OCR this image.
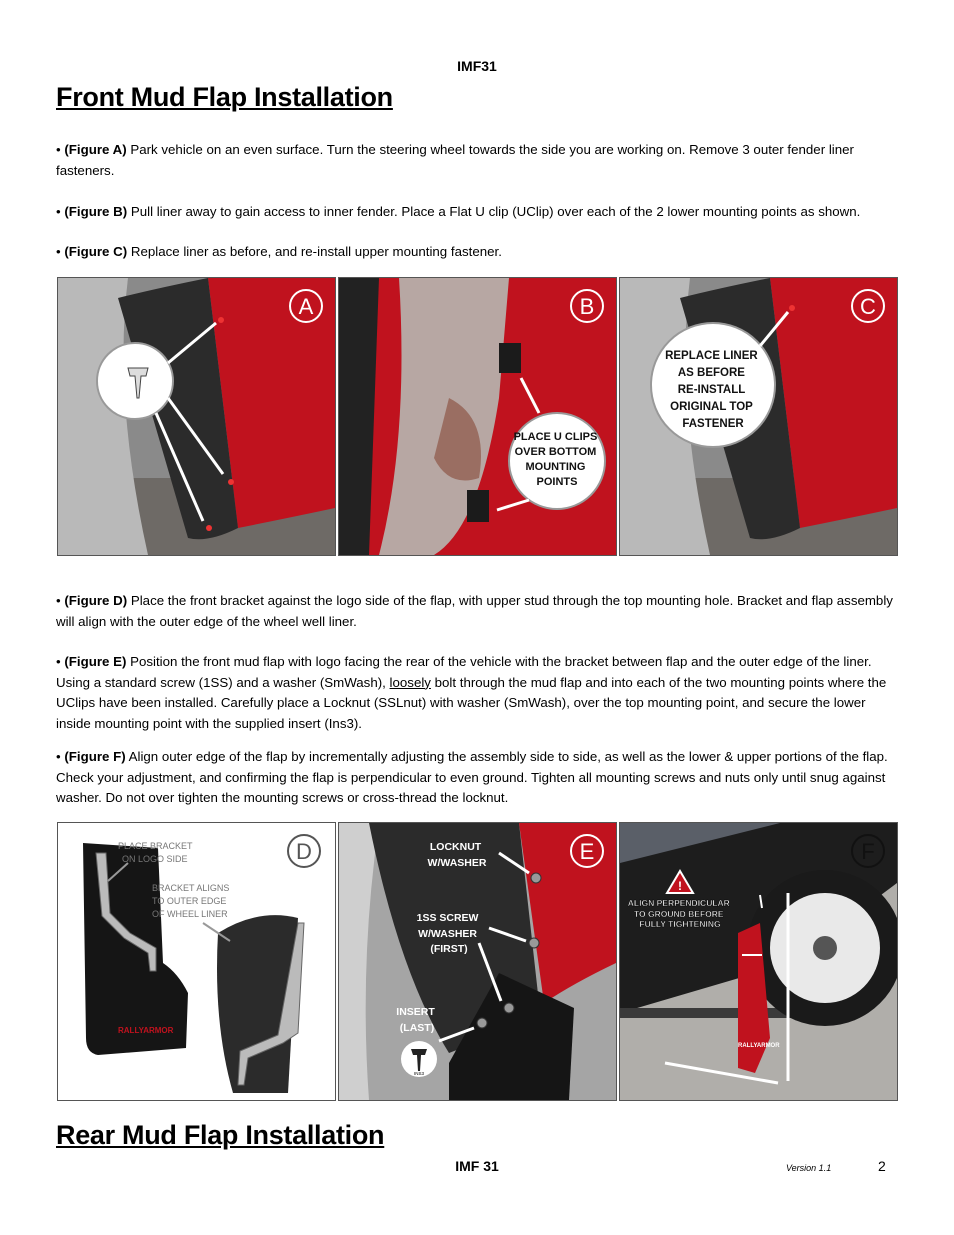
IMF31
Front Mud Flap Installation
• (Figure A) Park vehicle on an even surface. Turn the steering wheel towards the side you are working on. Remove 3 outer fender liner fasteners.
• (Figure B) Pull liner away to gain access to inner fender. Place a Flat U clip (UClip) over each of the 2 lower mounting points as shown.
• (Figure C) Replace liner as before, and re-install upper mounting fastener.
A
PLACE U CLIPS OVER BOTTOM MOUNTING POINTS
B
REPLACE LINER AS BEFORE RE-INSTALL ORIGINAL TOP FASTENER
C
• (Figure D) Place the front bracket against the logo side of the flap, with upper stud through the top mounting hole. Bracket and flap assembly will align with the outer edge of the wheel well liner.
• (Figure E) Position the front mud flap with logo facing the rear of the vehicle with the bracket between flap and the outer edge of the liner. Using a standard screw (1SS) and a washer (SmWash), loosely bolt through the mud flap and into each of the two mounting points where the UClips have been installed. Carefully place a Locknut (SSLnut) with washer (SmWash), over the top mounting point, and secure the lower inside mounting point with the supplied insert (Ins3).
• (Figure F) Align outer edge of the flap by incrementally adjusting the assembly side to side, as well as the lower & upper portions of the flap. Check your adjustment, and confirming the flap is perpendicular to even ground. Tighten all mounting screws and nuts only until snug against washer. Do not over tighten the mounting screws or cross-thread the locknut.
RALLYARMOR
PLACE BRACKET ON LOGO SIDE
BRACKET ALIGNS TO OUTER EDGE OF WHEEL LINER
D	LOCKNUT W/WASHER
1SS SCREW W/WASHER (FIRST)
INSERT (LAST)
INS3
E
RALLYARMOR
!
ALIGN PERPENDICULAR TO GROUND BEFORE FULLY TIGHTENING
F
Rear Mud Flap Installation
IMF 31	Version 1.1	2
